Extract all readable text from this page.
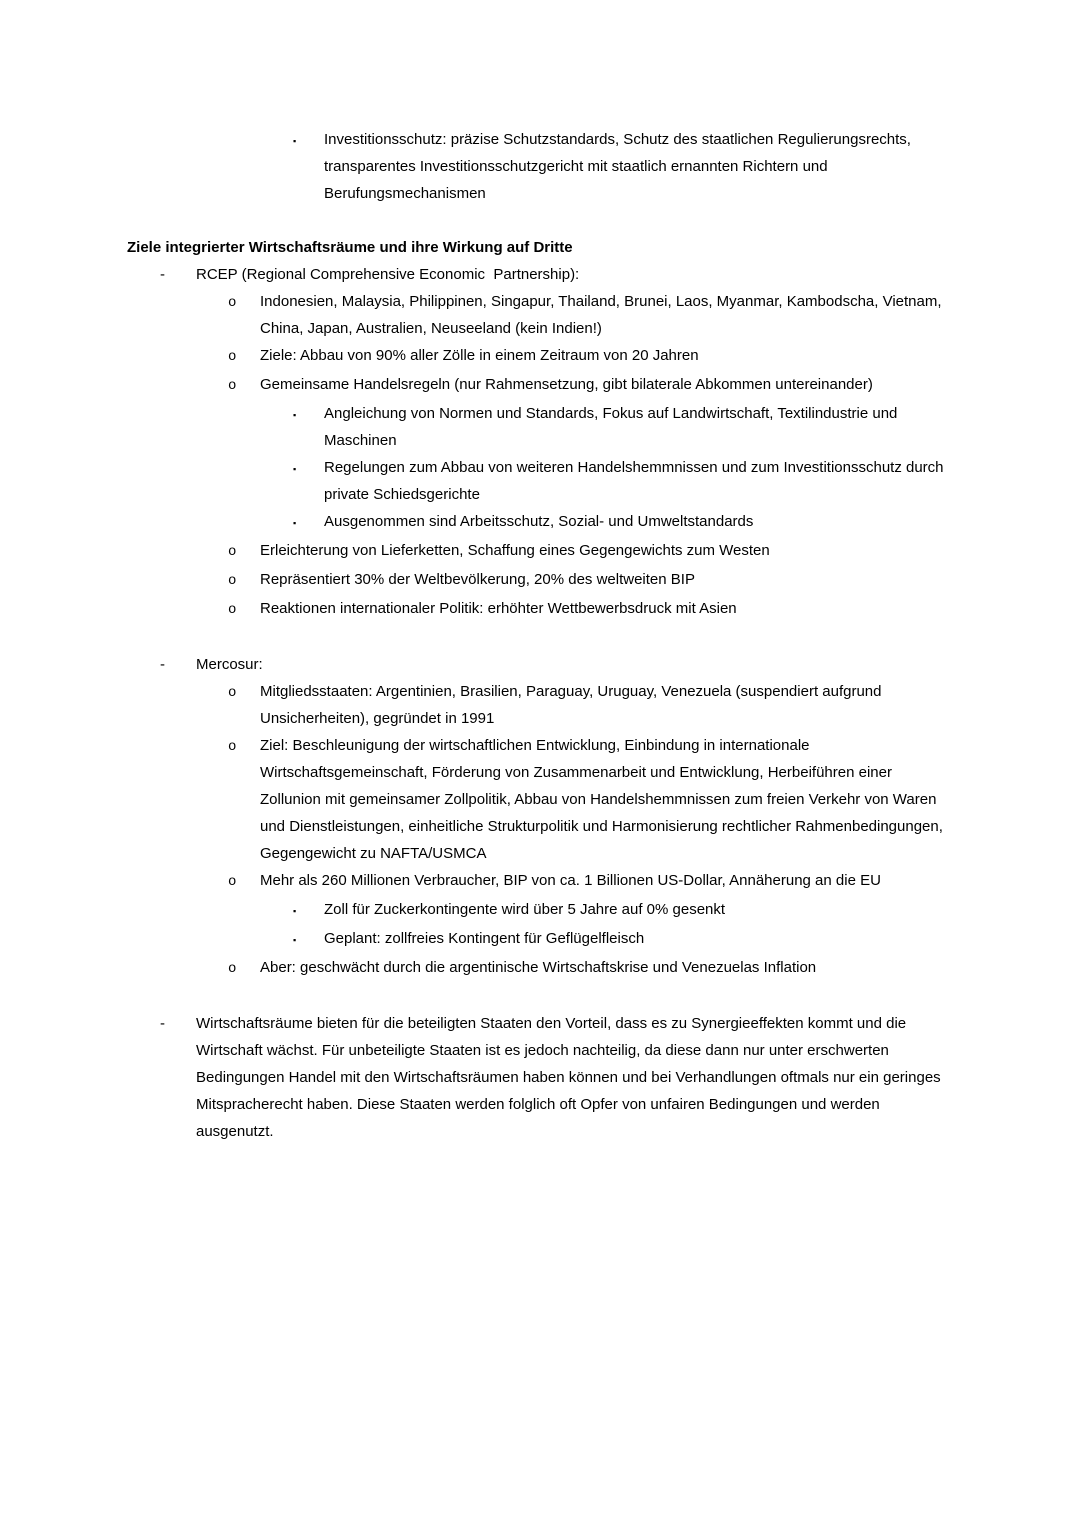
▪	Investitionsschutz: präzise Schutzstandards, Schutz des staatlichen Regulierungsrechts, transparentes Investitionsschutzgericht mit staatlich ernannten Richtern und Berufungsmechanismen
Ziele integrierter Wirtschaftsräume und ihre Wirkung auf Dritte
-	RCEP (Regional Comprehensive Economic  Partnership):
o	Indonesien, Malaysia, Philippinen, Singapur, Thailand, Brunei, Laos, Myanmar, Kambodscha, Vietnam, China, Japan, Australien, Neuseeland (kein Indien!)
o	Ziele: Abbau von 90% aller Zölle in einem Zeitraum von 20 Jahren
o	Gemeinsame Handelsregeln (nur Rahmensetzung, gibt bilaterale Abkommen untereinander)
▪	Angleichung von Normen und Standards, Fokus auf Landwirtschaft, Textilindustrie und Maschinen
▪	Regelungen zum Abbau von weiteren Handelshemmnissen und zum Investitionsschutz durch private Schiedsgerichte
▪	Ausgenommen sind Arbeitsschutz, Sozial- und Umweltstandards
o	Erleichterung von Lieferketten, Schaffung eines Gegengewichts zum Westen
o	Repräsentiert 30% der Weltbevölkerung, 20% des weltweiten BIP
o	Reaktionen internationaler Politik: erhöhter Wettbewerbsdruck mit Asien
-	Mercosur:
o	Mitgliedsstaaten: Argentinien, Brasilien, Paraguay, Uruguay, Venezuela (suspendiert aufgrund Unsicherheiten), gegründet in 1991
o	Ziel: Beschleunigung der wirtschaftlichen Entwicklung, Einbindung in internationale Wirtschaftsgemeinschaft, Förderung von Zusammenarbeit und Entwicklung, Herbeiführen einer Zollunion mit gemeinsamer Zollpolitik, Abbau von Handelshemmnissen zum freien Verkehr von Waren und Dienstleistungen, einheitliche Strukturpolitik und Harmonisierung rechtlicher Rahmenbedingungen, Gegengewicht zu NAFTA/USMCA
o	Mehr als 260 Millionen Verbraucher, BIP von ca. 1 Billionen US-Dollar, Annäherung an die EU
▪	Zoll für Zuckerkontingente wird über 5 Jahre auf 0% gesenkt
▪	Geplant: zollfreies Kontingent für Geflügelfleisch
o	Aber: geschwächt durch die argentinische Wirtschaftskrise und Venezuelas Inflation
-	Wirtschaftsräume bieten für die beteiligten Staaten den Vorteil, dass es zu Synergieeffekten kommt und die Wirtschaft wächst. Für unbeteiligte Staaten ist es jedoch nachteilig, da diese dann nur unter erschwerten Bedingungen Handel mit den Wirtschaftsräumen haben können und bei Verhandlungen oftmals nur ein geringes Mitspracherecht haben. Diese Staaten werden folglich oft Opfer von unfairen Bedingungen und werden ausgenutzt.
